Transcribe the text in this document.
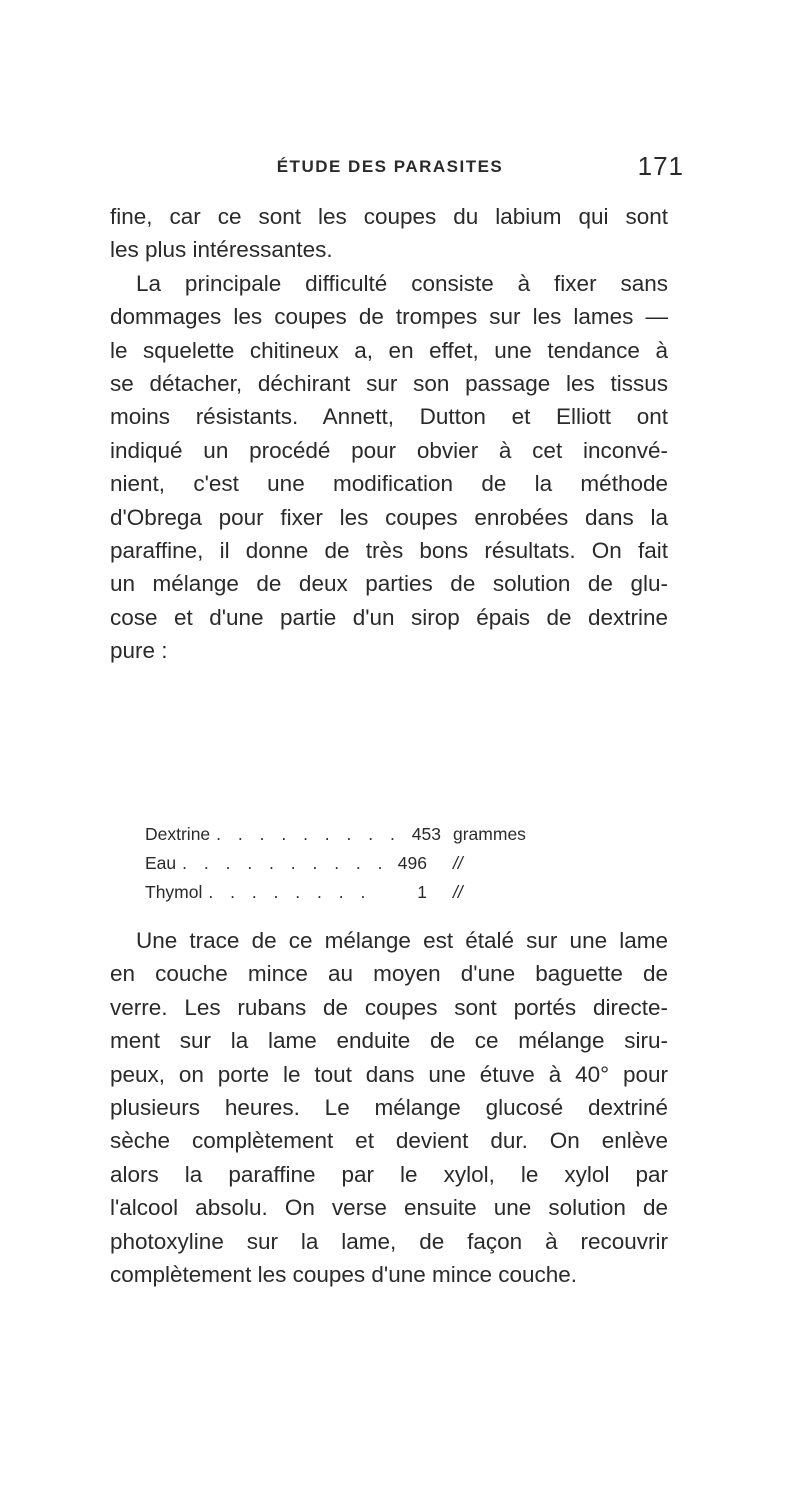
ÉTUDE DES PARASITES	171
fine, car ce sont les coupes du labium qui sont
les plus intéressantes.
La principale difficulté consiste à fixer sans
dommages les coupes de trompes sur les lames —
le squelette chitineux a, en effet, une tendance à
se détacher, déchirant sur son passage les tissus
moins résistants. Annett, Dutton et Elliott ont
indiqué un procédé pour obvier à cet inconvé-
nient, c'est une modification de la méthode
d'Obrega pour fixer les coupes enrobées dans la
paraffine, il donne de très bons résultats. On fait
un mélange de deux parties de solution de glu-
cose et d'une partie d'un sirop épais de dextrine
pure :
Dextrine . . .	453 grammes
Eau . . .	496	//
Thymol . . .	1	//
Une trace de ce mélange est étalé sur une lame
en couche mince au moyen d'une baguette de
verre. Les rubans de coupes sont portés directe-
ment sur la lame enduite de ce mélange siru-
peux, on porte le tout dans une étuve à 40° pour
plusieurs heures. Le mélange glucosé dextriné
sèche complètement et devient dur. On enlève
alors la paraffine par le xylol, le xylol par
l'alcool absolu. On verse ensuite une solution de
photoxyline sur la lame, de façon à recouvrir
complètement les coupes d'une mince couche.
